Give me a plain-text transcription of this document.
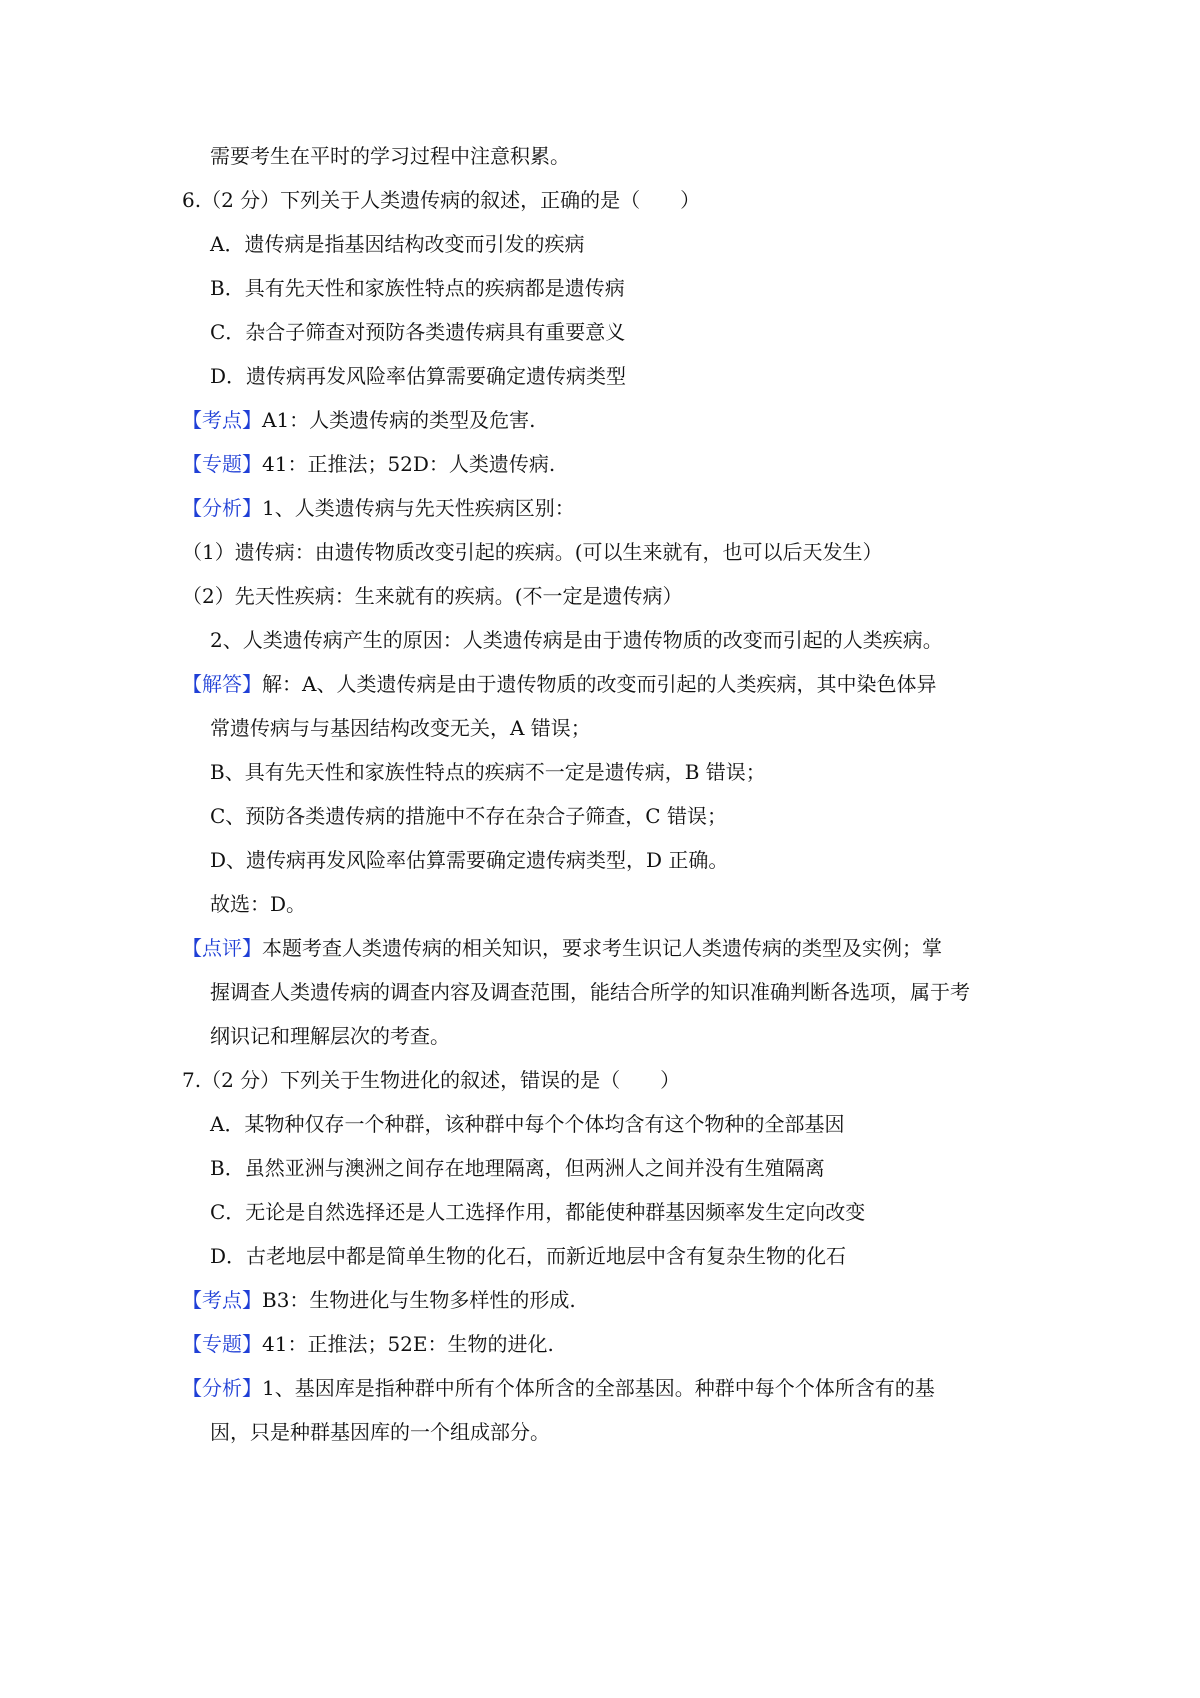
需要考生在平时的学习过程中注意积累。
6.（2 分）下列关于人类遗传病的叙述，正确的是（　　）
A．遗传病是指基因结构改变而引发的疾病
B．具有先天性和家族性特点的疾病都是遗传病
C．杂合子筛查对预防各类遗传病具有重要意义
D．遗传病再发风险率估算需要确定遗传病类型
【考点】A1：人类遗传病的类型及危害.
【专题】41：正推法；52D：人类遗传病.
【分析】1、人类遗传病与先天性疾病区别：
（1）遗传病：由遗传物质改变引起的疾病。(可以生来就有，也可以后天发生）
（2）先天性疾病：生来就有的疾病。(不一定是遗传病）
2、人类遗传病产生的原因：人类遗传病是由于遗传物质的改变而引起的人类疾病。
【解答】解：A、人类遗传病是由于遗传物质的改变而引起的人类疾病，其中染色体异
常遗传病与与基因结构改变无关，A 错误；
B、具有先天性和家族性特点的疾病不一定是遗传病，B 错误；
C、预防各类遗传病的措施中不存在杂合子筛查，C 错误；
D、遗传病再发风险率估算需要确定遗传病类型，D 正确。
故选：D。
【点评】本题考查人类遗传病的相关知识，要求考生识记人类遗传病的类型及实例；掌
握调查人类遗传病的调查内容及调查范围，能结合所学的知识准确判断各选项，属于考
纲识记和理解层次的考查。
7.（2 分）下列关于生物进化的叙述，错误的是（　　）
A．某物种仅存一个种群，该种群中每个个体均含有这个物种的全部基因
B．虽然亚洲与澳洲之间存在地理隔离，但两洲人之间并没有生殖隔离
C．无论是自然选择还是人工选择作用，都能使种群基因频率发生定向改变
D．古老地层中都是简单生物的化石，而新近地层中含有复杂生物的化石
【考点】B3：生物进化与生物多样性的形成.
【专题】41：正推法；52E：生物的进化.
【分析】1、基因库是指种群中所有个体所含的全部基因。种群中每个个体所含有的基
因，只是种群基因库的一个组成部分。
